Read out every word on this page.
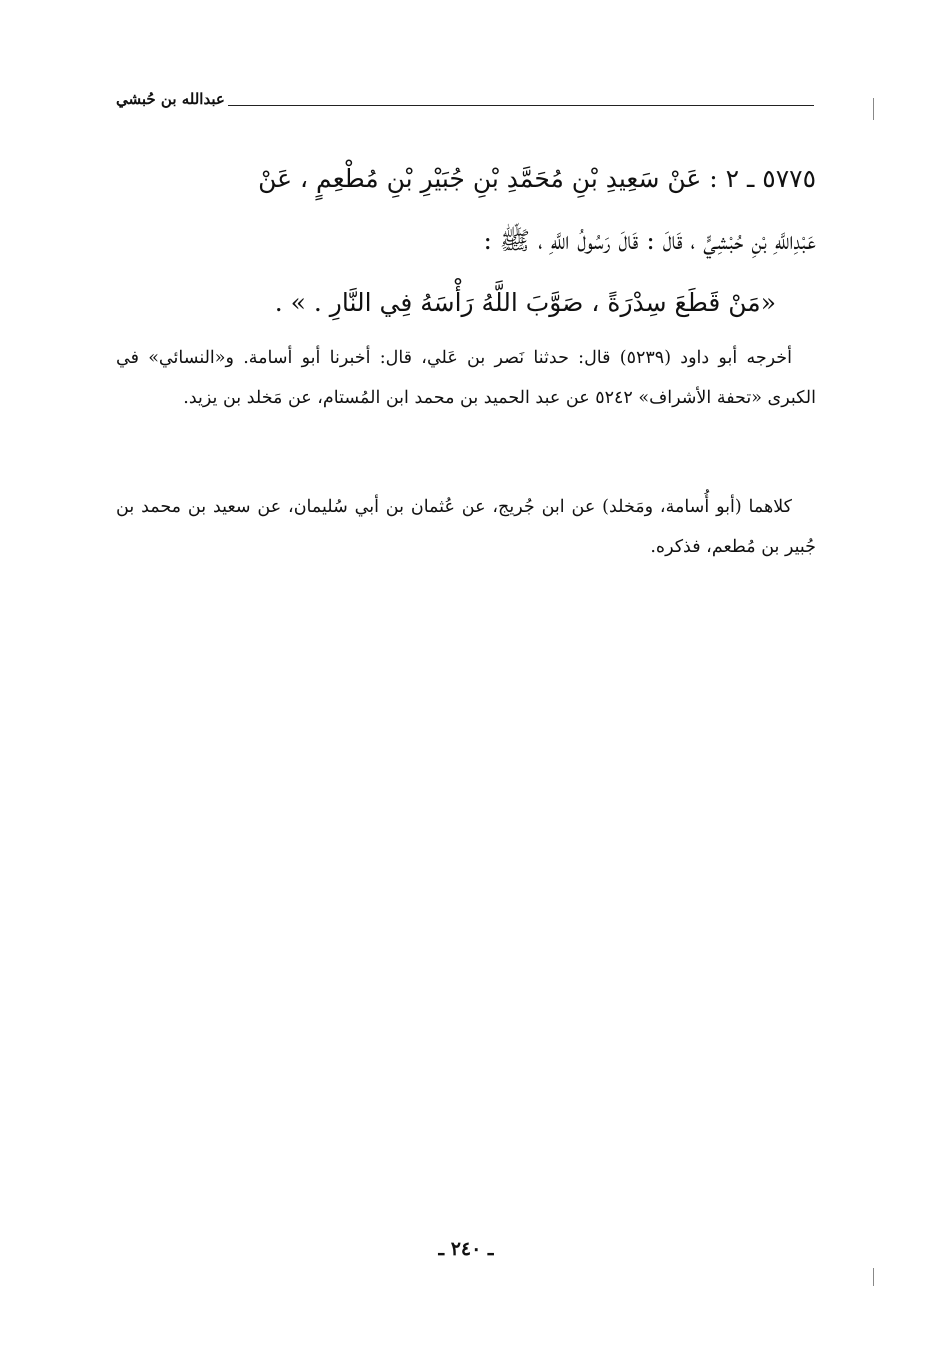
عبدالله بن حُبشي

٥٧٧٥ ـ ٢ : عَنْ سَعِيدِ بْنِ مُحَمَّدِ بْنِ جُبَيْرِ بْنِ مُطْعِمٍ ، عَنْ

عَبْدِاللَّهِ بْنِ حُبْشِيٍّ ، قَالَ : قَالَ رَسُولُ اللَّهِ ، ﷺ :

«مَنْ قَطَعَ سِدْرَةً ، صَوَّبَ اللَّهُ رَأْسَهُ فِي النَّارِ . » .

أخرجه أبو داود (٥٢٣٩) قال: حدثنا نَصر بن عَلي، قال: أخبرنا أبو أسامة. و«النسائي» في الكبرى «تحفة الأشراف» ٥٢٤٢ عن عبد الحميد بن محمد ابن المُستام، عن مَخلد بن يزيد.

كلاهما (أبو أُسامة، ومَخلد) عن ابن جُريج، عن عُثمان بن أبي سُليمان، عن سعيد بن محمد بن جُبير بن مُطعم، فذكره.

ـ ٢٤٠ ـ
